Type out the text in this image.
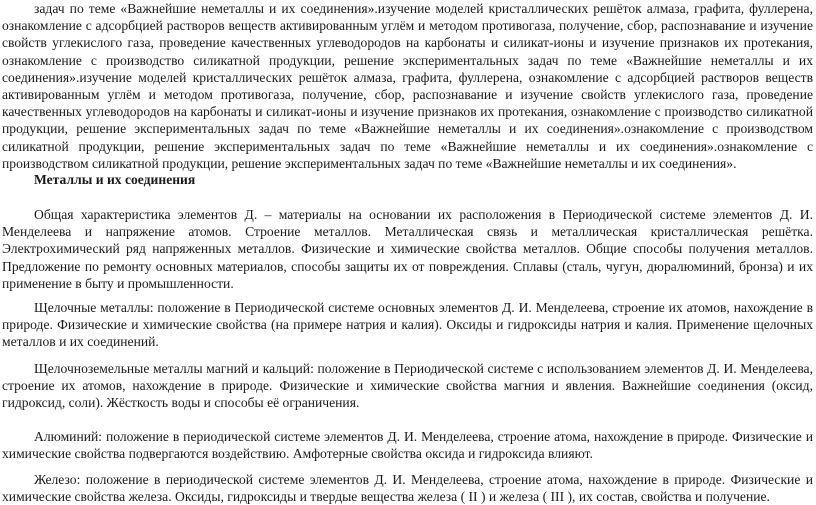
задач по теме «Важнейшие неметаллы и их соединения».изучение моделей кристаллических решёток алмаза, графита, фуллерена, ознакомление с адсорбцией растворов веществ активированным углём и методом противогаза, получение, сбор, распознавание и изучение свойств углекислого газа, проведение качественных углеводородов на карбонаты и силикат-ионы и изучение признаков их протекания, ознакомление с производство силикатной продукции, решение экспериментальных задач по теме «Важнейшие неметаллы и их соединения».изучение моделей кристаллических решёток алмаза, графита, фуллерена, ознакомление с адсорбцией растворов веществ активированным углём и методом противогаза, получение, сбор, распознавание и изучение свойств углекислого газа, проведение качественных углеводородов на карбонаты и силикат-ионы и изучение признаков их протекания, ознакомление с производство силикатной продукции, решение экспериментальных задач по теме «Важнейшие неметаллы и их соединения».ознакомление с производством силикатной продукции, решение экспериментальных задач по теме «Важнейшие неметаллы и их соединения».ознакомление с производством силикатной продукции, решение экспериментальных задач по теме «Важнейшие неметаллы и их соединения».

Металлы и их соединения

Общая характеристика элементов Д. – материалы на основании их расположения в Периодической системе элементов Д. И. Менделеева и напряжение атомов. Строение металлов. Металлическая связь и металлическая кристаллическая решётка. Электрохимический ряд напряженных металлов. Физические и химические свойства металлов. Общие способы получения металлов. Предложение по ремонту основных материалов, способы защиты их от повреждения. Сплавы (сталь, чугун, дюралюминий, бронза) и их применение в быту и промышленности.

Щелочные металлы: положение в Периодической системе основных элементов Д. И. Менделеева, строение их атомов, нахождение в природе. Физические и химические свойства (на примере натрия и калия). Оксиды и гидроксиды натрия и калия. Применение щелочных металлов и их соединений.

Щелочноземельные металлы магний и кальций: положение в Периодической системе с использованием элементов Д. И. Менделеева, строение их атомов, нахождение в природе. Физические и химические свойства магния и явления. Важнейшие соединения (оксид, гидроксид, соли). Жёсткость воды и способы её ограничения.

Алюминий: положение в периодической системе элементов Д. И. Менделеева, строение атома, нахождение в природе. Физические и химические свойства подвергаются воздействию. Амфотерные свойства оксида и гидроксида влияют.

Железо: положение в периодической системе элементов Д. И. Менделеева, строение атома, нахождение в природе. Физические и химические свойства железа. Оксиды, гидроксиды и твердые вещества железа ( II ) и железа ( III ), их состав, свойства и получение.
